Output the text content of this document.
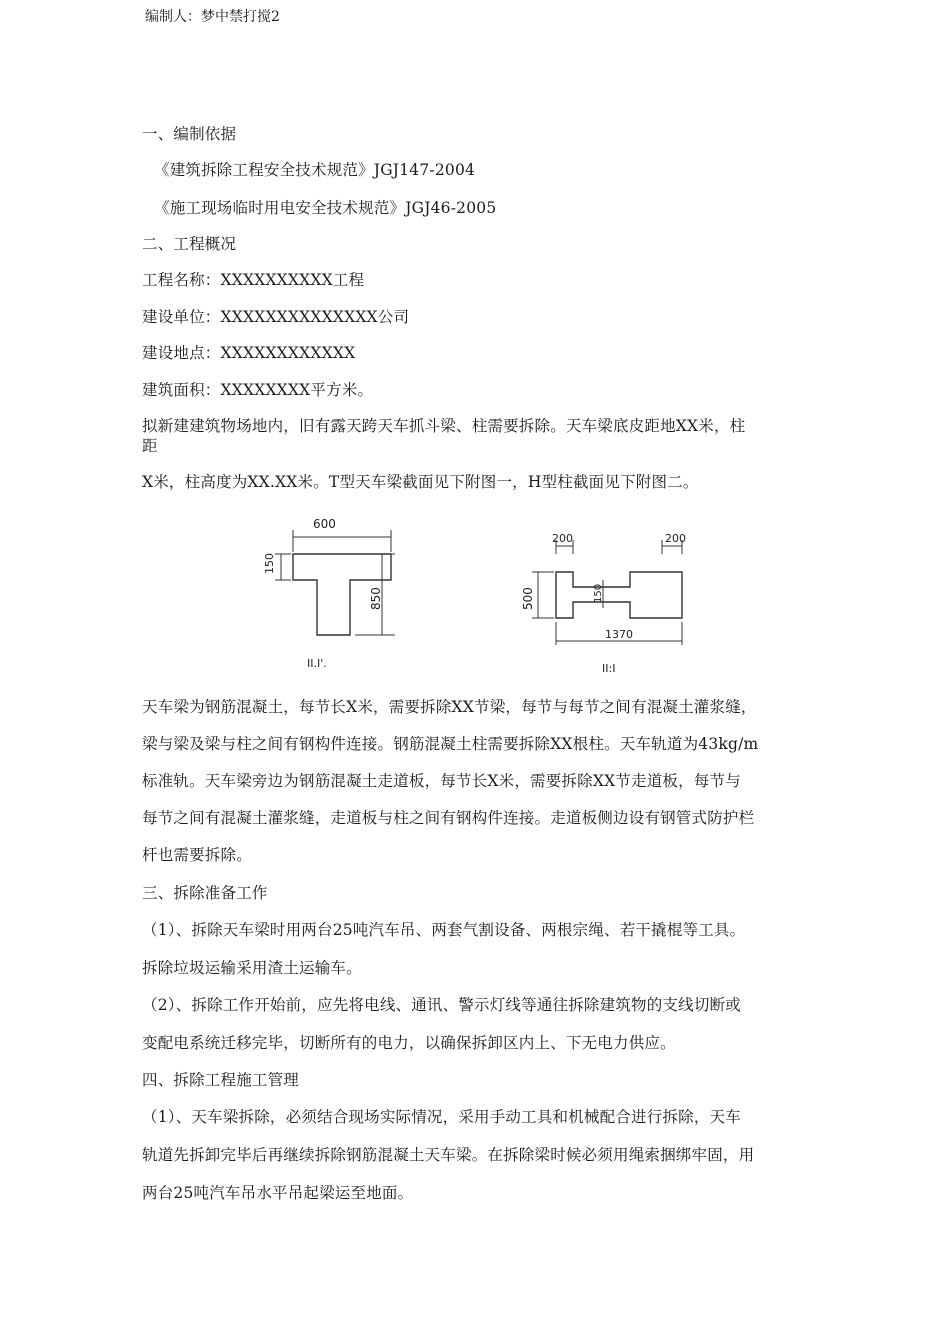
编制人：梦中禁打搅2
一、编制依据
《建筑拆除工程安全技术规范》JGJ147-2004
《施工现场临时用电安全技术规范》JGJ46-2005
二、工程概况
工程名称：XXXXXXXXXX工程
建设单位：XXXXXXXXXXXXXX公司
建设地点：XXXXXXXXXXXX
建筑面积：XXXXXXXX平方米。
拟新建建筑物场地内，旧有露天跨天车抓斗梁、柱需要拆除。天车梁底皮距地XX米，柱
距
X米，柱高度为XX.XX米。T型天车梁截面见下附图一，H型柱截面见下附图二。
600
150
850
II.I'.
200	200
500	150
1370
II:I
天车梁为钢筋混凝土，每节长X米，需要拆除XX节梁，每节与每节之间有混凝土灌浆缝，
梁与梁及梁与柱之间有钢构件连接。钢筋混凝土柱需要拆除XX根柱。天车轨道为43kg/m
标准轨。天车梁旁边为钢筋混凝土走道板，每节长X米，需要拆除XX节走道板，每节与
每节之间有混凝土灌浆缝，走道板与柱之间有钢构件连接。走道板侧边设有钢管式防护栏
杆也需要拆除。
三、拆除准备工作
（1）、拆除天车梁时用两台25吨汽车吊、两套气割设备、两根宗绳、若干撬棍等工具。
拆除垃圾运输采用渣土运输车。
（2）、拆除工作开始前，应先将电线、通讯、警示灯线等通往拆除建筑物的支线切断或
变配电系统迁移完毕，切断所有的电力，以确保拆卸区内上、下无电力供应。
四、拆除工程施工管理
（1）、天车梁拆除，必须结合现场实际情况，采用手动工具和机械配合进行拆除，天车
轨道先拆卸完毕后再继续拆除钢筋混凝土天车梁。在拆除梁时候必须用绳索捆绑牢固，用
两台25吨汽车吊水平吊起梁运至地面。
